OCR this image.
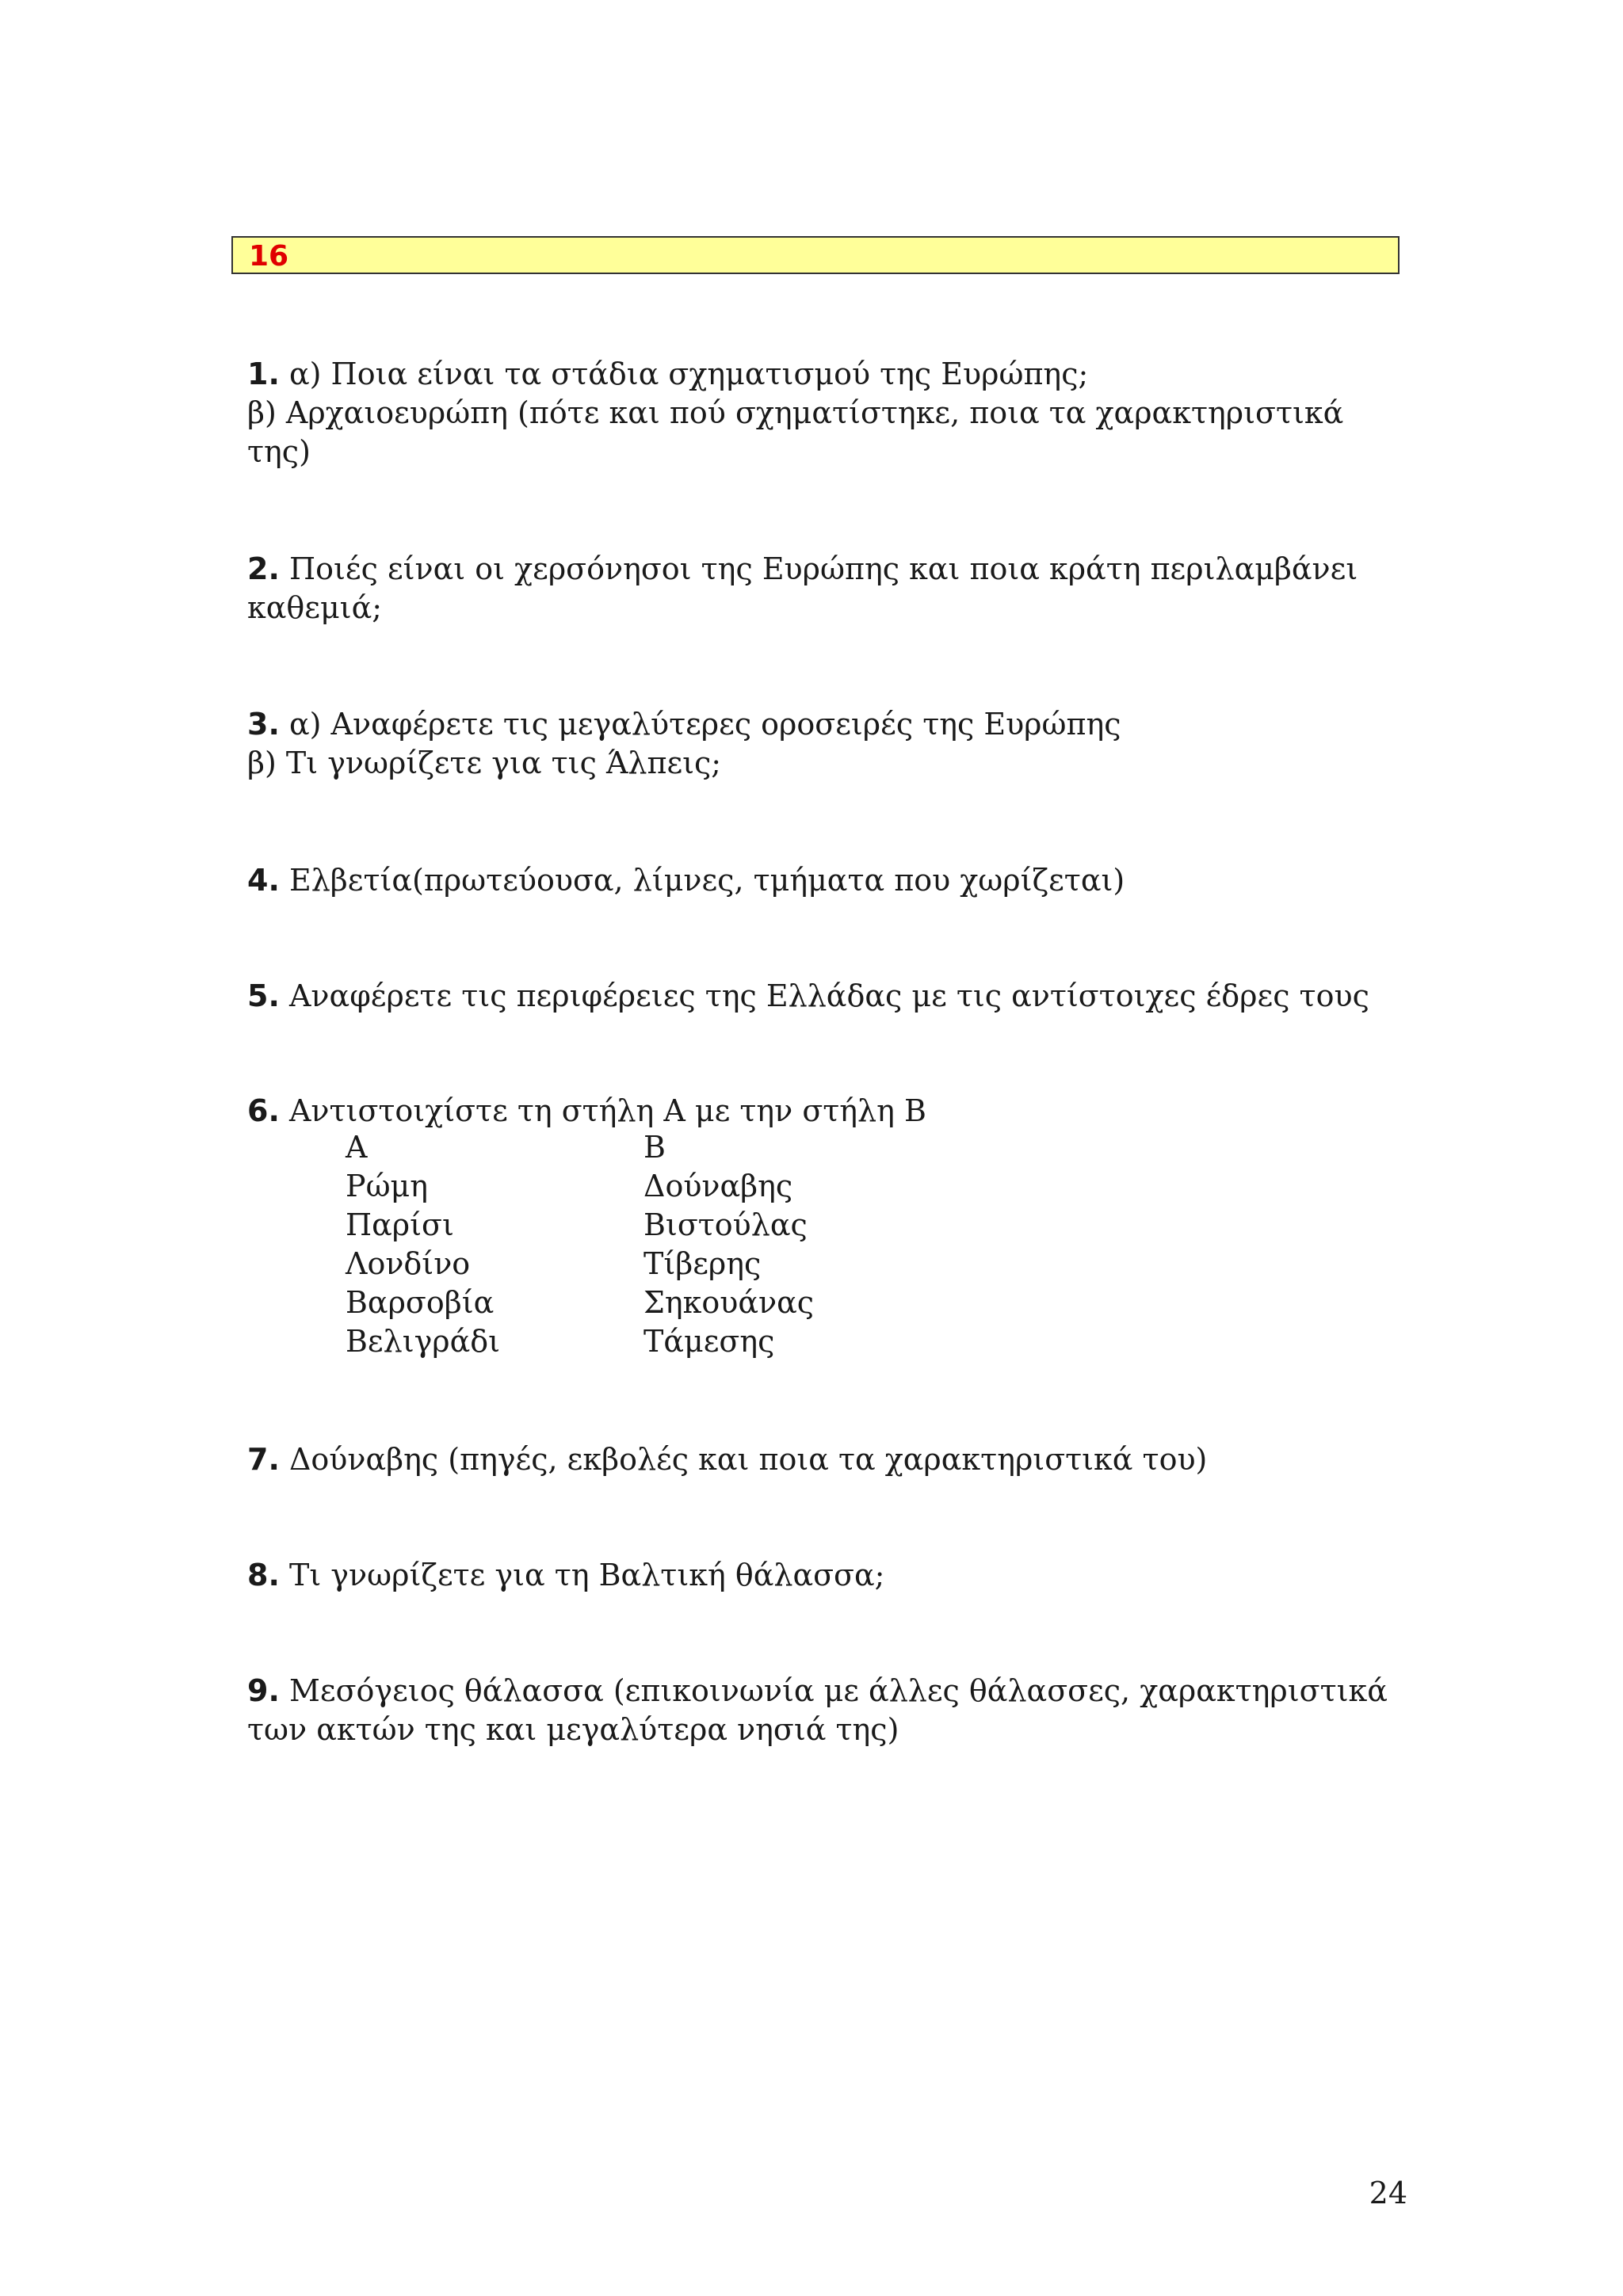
16
1. α) Ποια είναι τα στάδια σχηματισμού της Ευρώπης;
β) Αρχαιοευρώπη (πότε και πού σχηματίστηκε, ποια τα χαρακτηριστικά
της)
2. Ποιές είναι οι χερσόνησοι της Ευρώπης και ποια κράτη περιλαμβάνει
καθεμιά;
3. α) Αναφέρετε τις μεγαλύτερες οροσειρές της Ευρώπης
β) Τι γνωρίζετε για τις Άλπεις;
4. Ελβετία(πρωτεύουσα, λίμνες, τμήματα που χωρίζεται)
5. Αναφέρετε τις περιφέρειες της Ελλάδας με τις αντίστοιχες έδρες τους
6. Αντιστοιχίστε τη στήλη Α με την στήλη Β
Α	Β
Ρώμη	Δούναβης
Παρίσι	Βιστούλας
Λονδίνο	Τίβερης
Βαρσοβία	Σηκουάνας
Βελιγράδι	Τάμεσης
7. Δούναβης (πηγές, εκβολές και ποια τα χαρακτηριστικά του)
8. Τι γνωρίζετε για τη Βαλτική θάλασσα;
9. Μεσόγειος θάλασσα (επικοινωνία με άλλες θάλασσες, χαρακτηριστικά
των ακτών της και μεγαλύτερα νησιά της)
24
